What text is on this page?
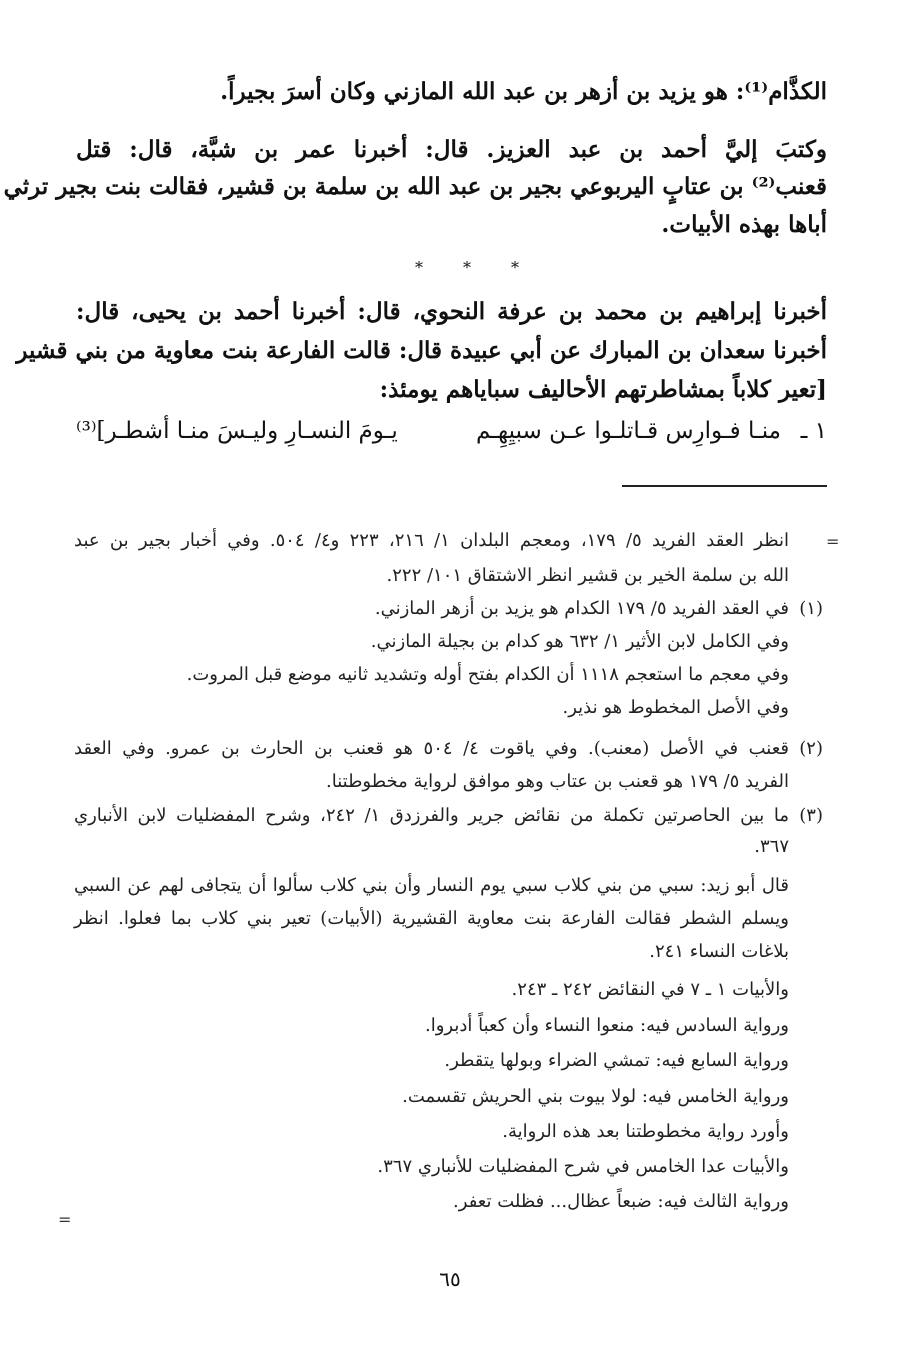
الكذَّام⁽¹⁾: هو يزيد بن أزهر بن عبد الله المازني وكان أسرَ بجيراً.
وكتبَ إليَّ أحمد بن عبد العزيز. قال: أخبرنا عمر بن شبَّة، قال: قتل
قعنب⁽²⁾ بن عتابٍ اليربوعي بجير بن عبد الله بن سلمة بن قشير، فقالت بنت بجير ترثي
أباها بهذه الأبيات.
*	*	*
أخبرنا إبراهيم بن محمد بن عرفة النحوي، قال: أخبرنا أحمد بن يحيى، قال:
أخبرنا سعدان بن المبارك عن أبي عبيدة قال: قالت الفارعة بنت معاوية من بني قشير
[تعير كلاباً بمشاطرتهم الأحاليف سباياهم يومئذ:
١ ـ
منـا فـوارِس قـاتلـوا عـن سبيِهِـم
يـومَ النسـارِ وليـسَ منـا أشطـر]⁽³⁾
=
انظر العقد الفريد ٥/ ١٧٩، ومعجم البلدان ١/ ٢١٦، ٢٢٣ و٤/ ٥٠٤. وفي أخبار بجير بن عبد
الله بن سلمة الخير بن قشير انظر الاشتقاق ١٠١/ ٢٢٢.
(١)
في العقد الفريد ٥/ ١٧٩ الكدام هو يزيد بن أزهر المازني.
وفي الكامل لابن الأثير ١/ ٦٣٢ هو كدام بن بجيلة المازني.
وفي معجم ما استعجم ١١١٨ أن الكدام بفتح أوله وتشديد ثانيه موضع قبل المروت.
وفي الأصل المخطوط هو نذير.
(٢)
قعنب في الأصل (معنب). وفي ياقوت ٤/ ٥٠٤ هو قعنب بن الحارث بن عمرو. وفي العقد
الفريد ٥/ ١٧٩ هو قعنب بن عتاب وهو موافق لرواية مخطوطتنا.
(٣)
ما بين الحاصرتين تكملة من نقائض جرير والفرزدق ١/ ٢٤٢، وشرح المفضليات لابن الأنباري
٣٦٧.
قال أبو زيد: سبي من بني كلاب سبي يوم النسار وأن بني كلاب سألوا أن يتجافى لهم عن السبي
ويسلم الشطر فقالت الفارعة بنت معاوية القشيرية (الأبيات) تعير بني كلاب بما فعلوا. انظر
بلاغات النساء ٢٤١.
والأبيات ١ ـ ٧ في النقائض ٢٤٢ ـ ٢٤٣.
ورواية السادس فيه: منعوا النساء وأن كعباً أدبروا.
ورواية السابع فيه: تمشي الضراء وبولها يتقطر.
ورواية الخامس فيه: لولا بيوت بني الحريش تقسمت.
وأورد رواية مخطوطتنا بعد هذه الرواية.
والأبيات عدا الخامس في شرح المفضليات للأنباري ٣٦٧.
ورواية الثالث فيه: ضبعاً عظال... فظلت تعفر.
=
٦٥
